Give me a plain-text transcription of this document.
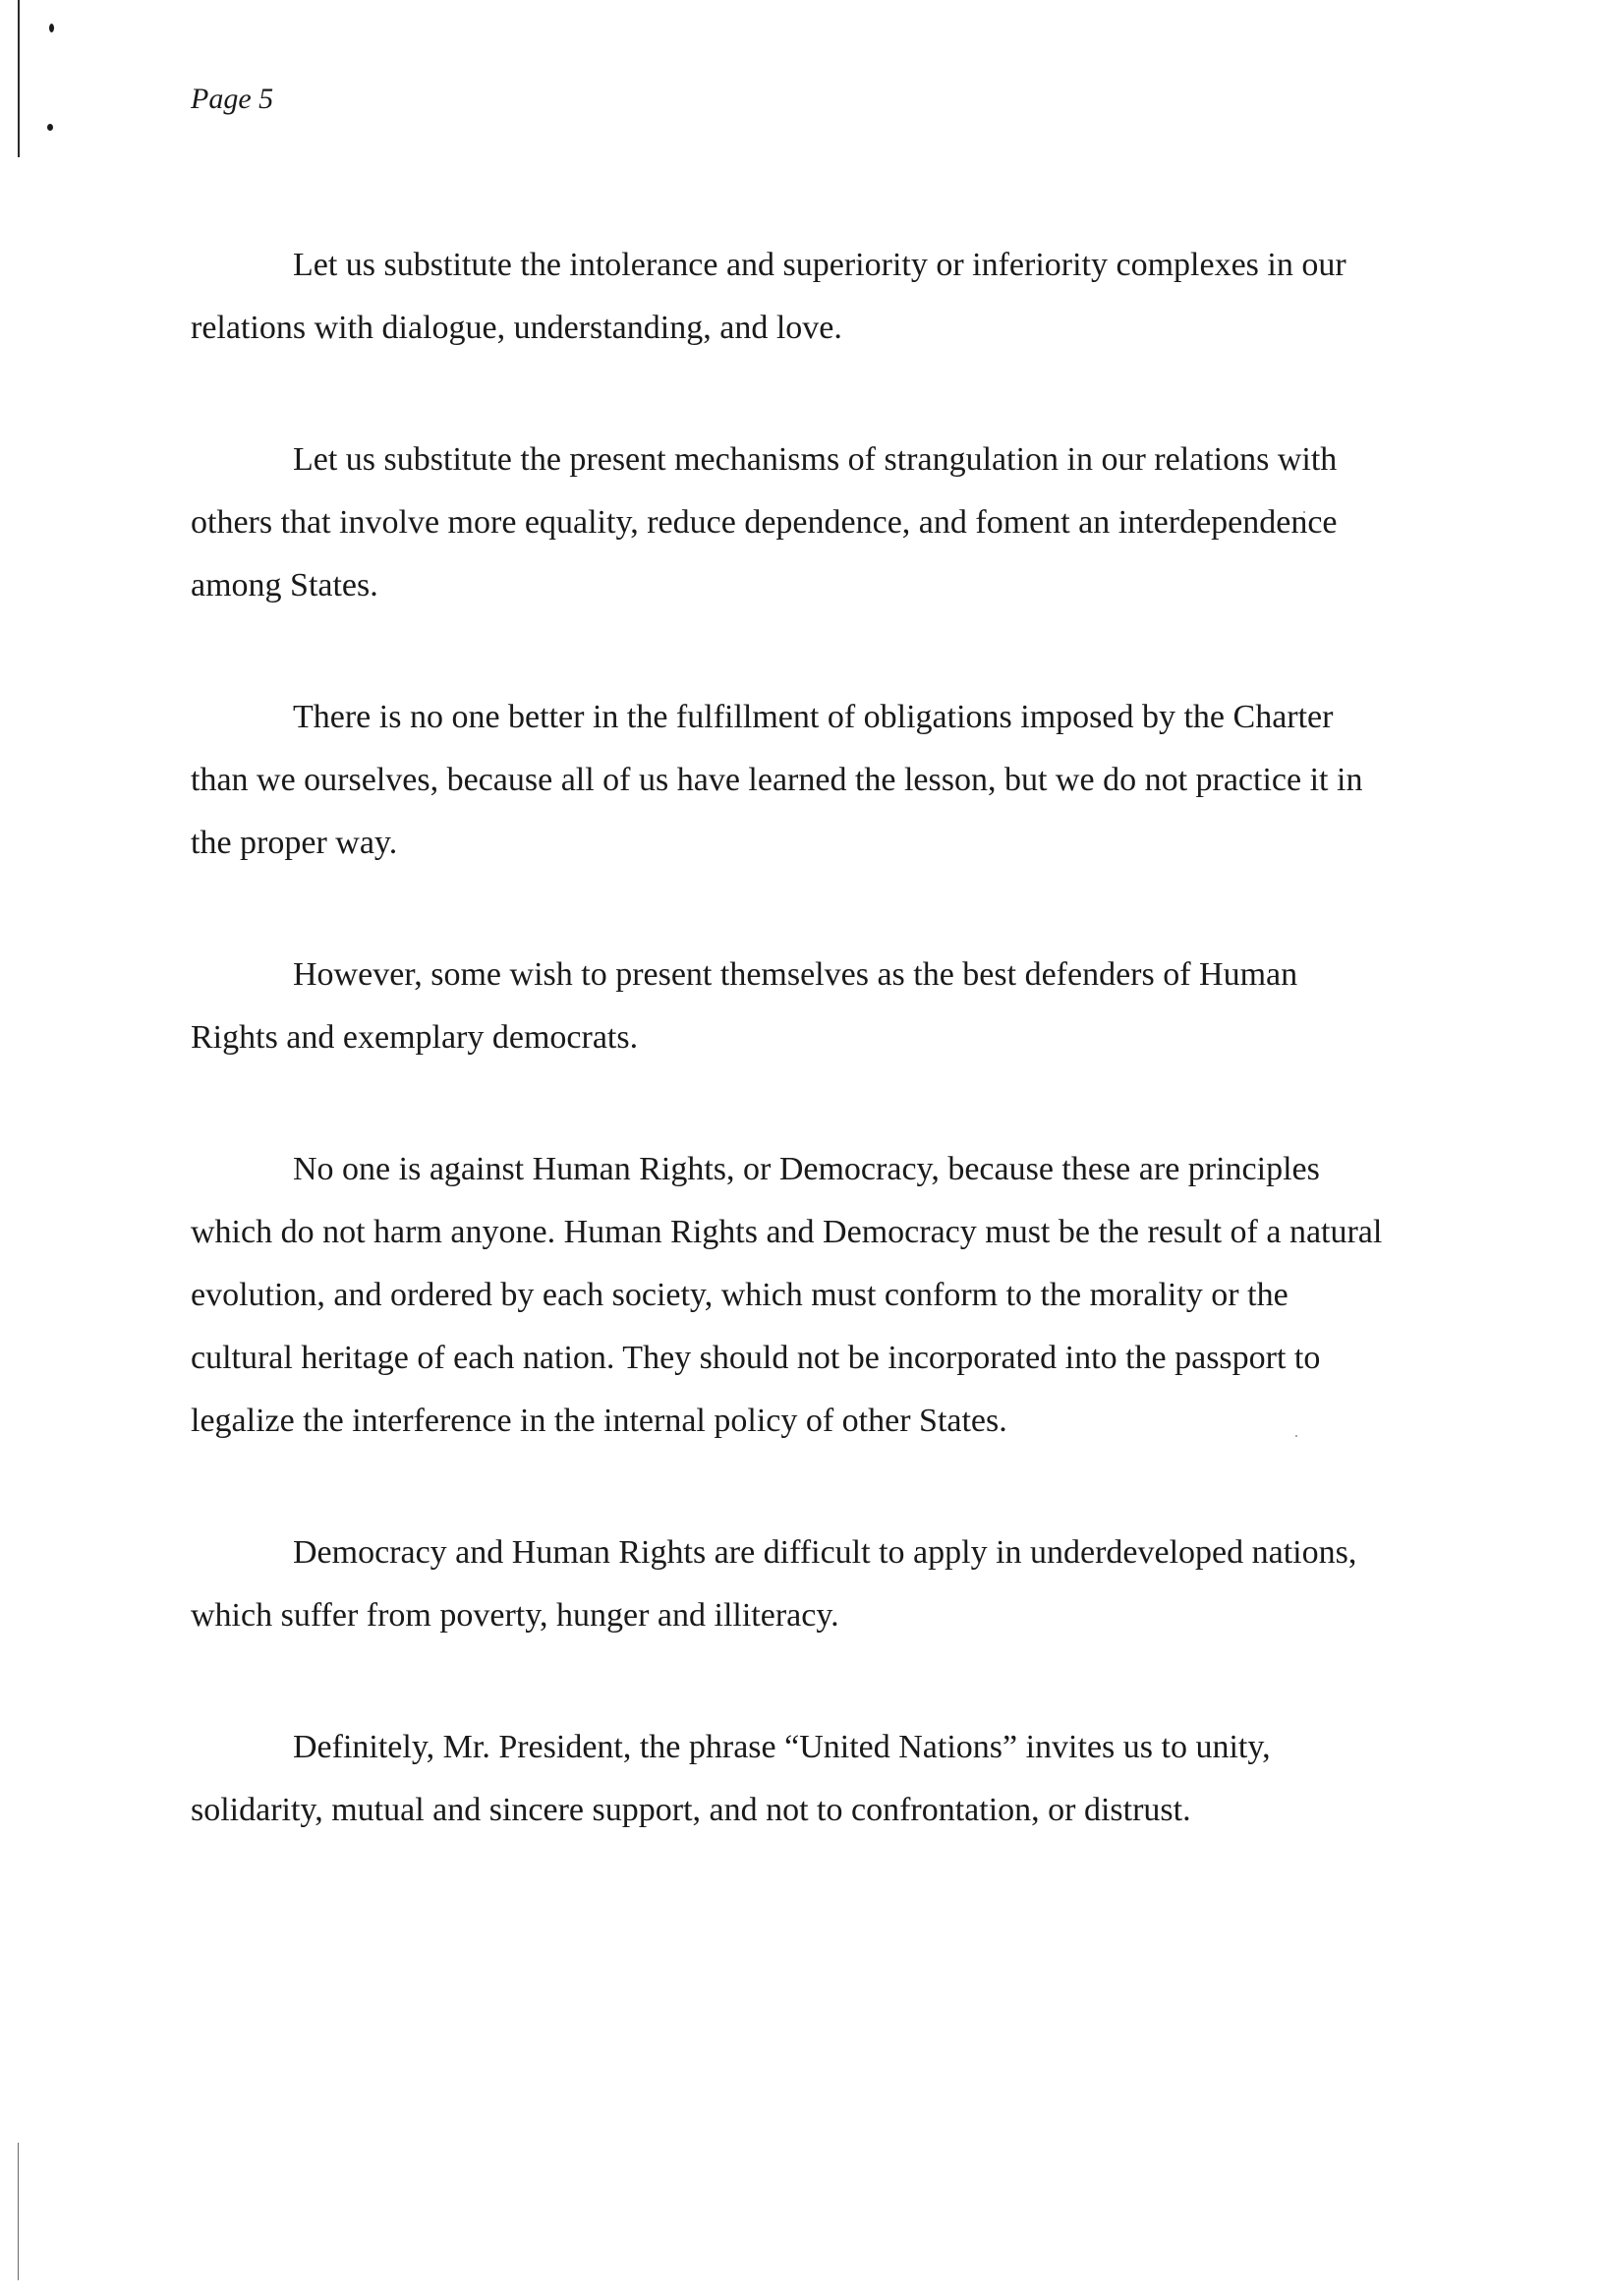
Page 5

Let us substitute the intolerance and superiority or inferiority complexes in our relations with dialogue, understanding, and love.

Let us substitute the present mechanisms of strangulation in our relations with others that involve more equality, reduce dependence, and foment an interdependence among States.

There is no one better in the fulfillment of obligations imposed by the Charter than we ourselves, because all of us have learned the lesson, but we do not practice it in the proper way.

However, some wish to present themselves as the best defenders of Human Rights and exemplary democrats.

No one is against Human Rights, or Democracy, because these are principles which do not harm anyone. Human Rights and Democracy must be the result of a natural evolution, and ordered by each society, which must conform to the morality or the cultural heritage of each nation. They should not be incorporated into the passport to legalize the interference in the internal policy of other States.

Democracy and Human Rights are difficult to apply in underdeveloped nations, which suffer from poverty, hunger and illiteracy.

Definitely, Mr. President, the phrase “United Nations” invites us to unity, solidarity, mutual and sincere support, and not to confrontation, or distrust.
